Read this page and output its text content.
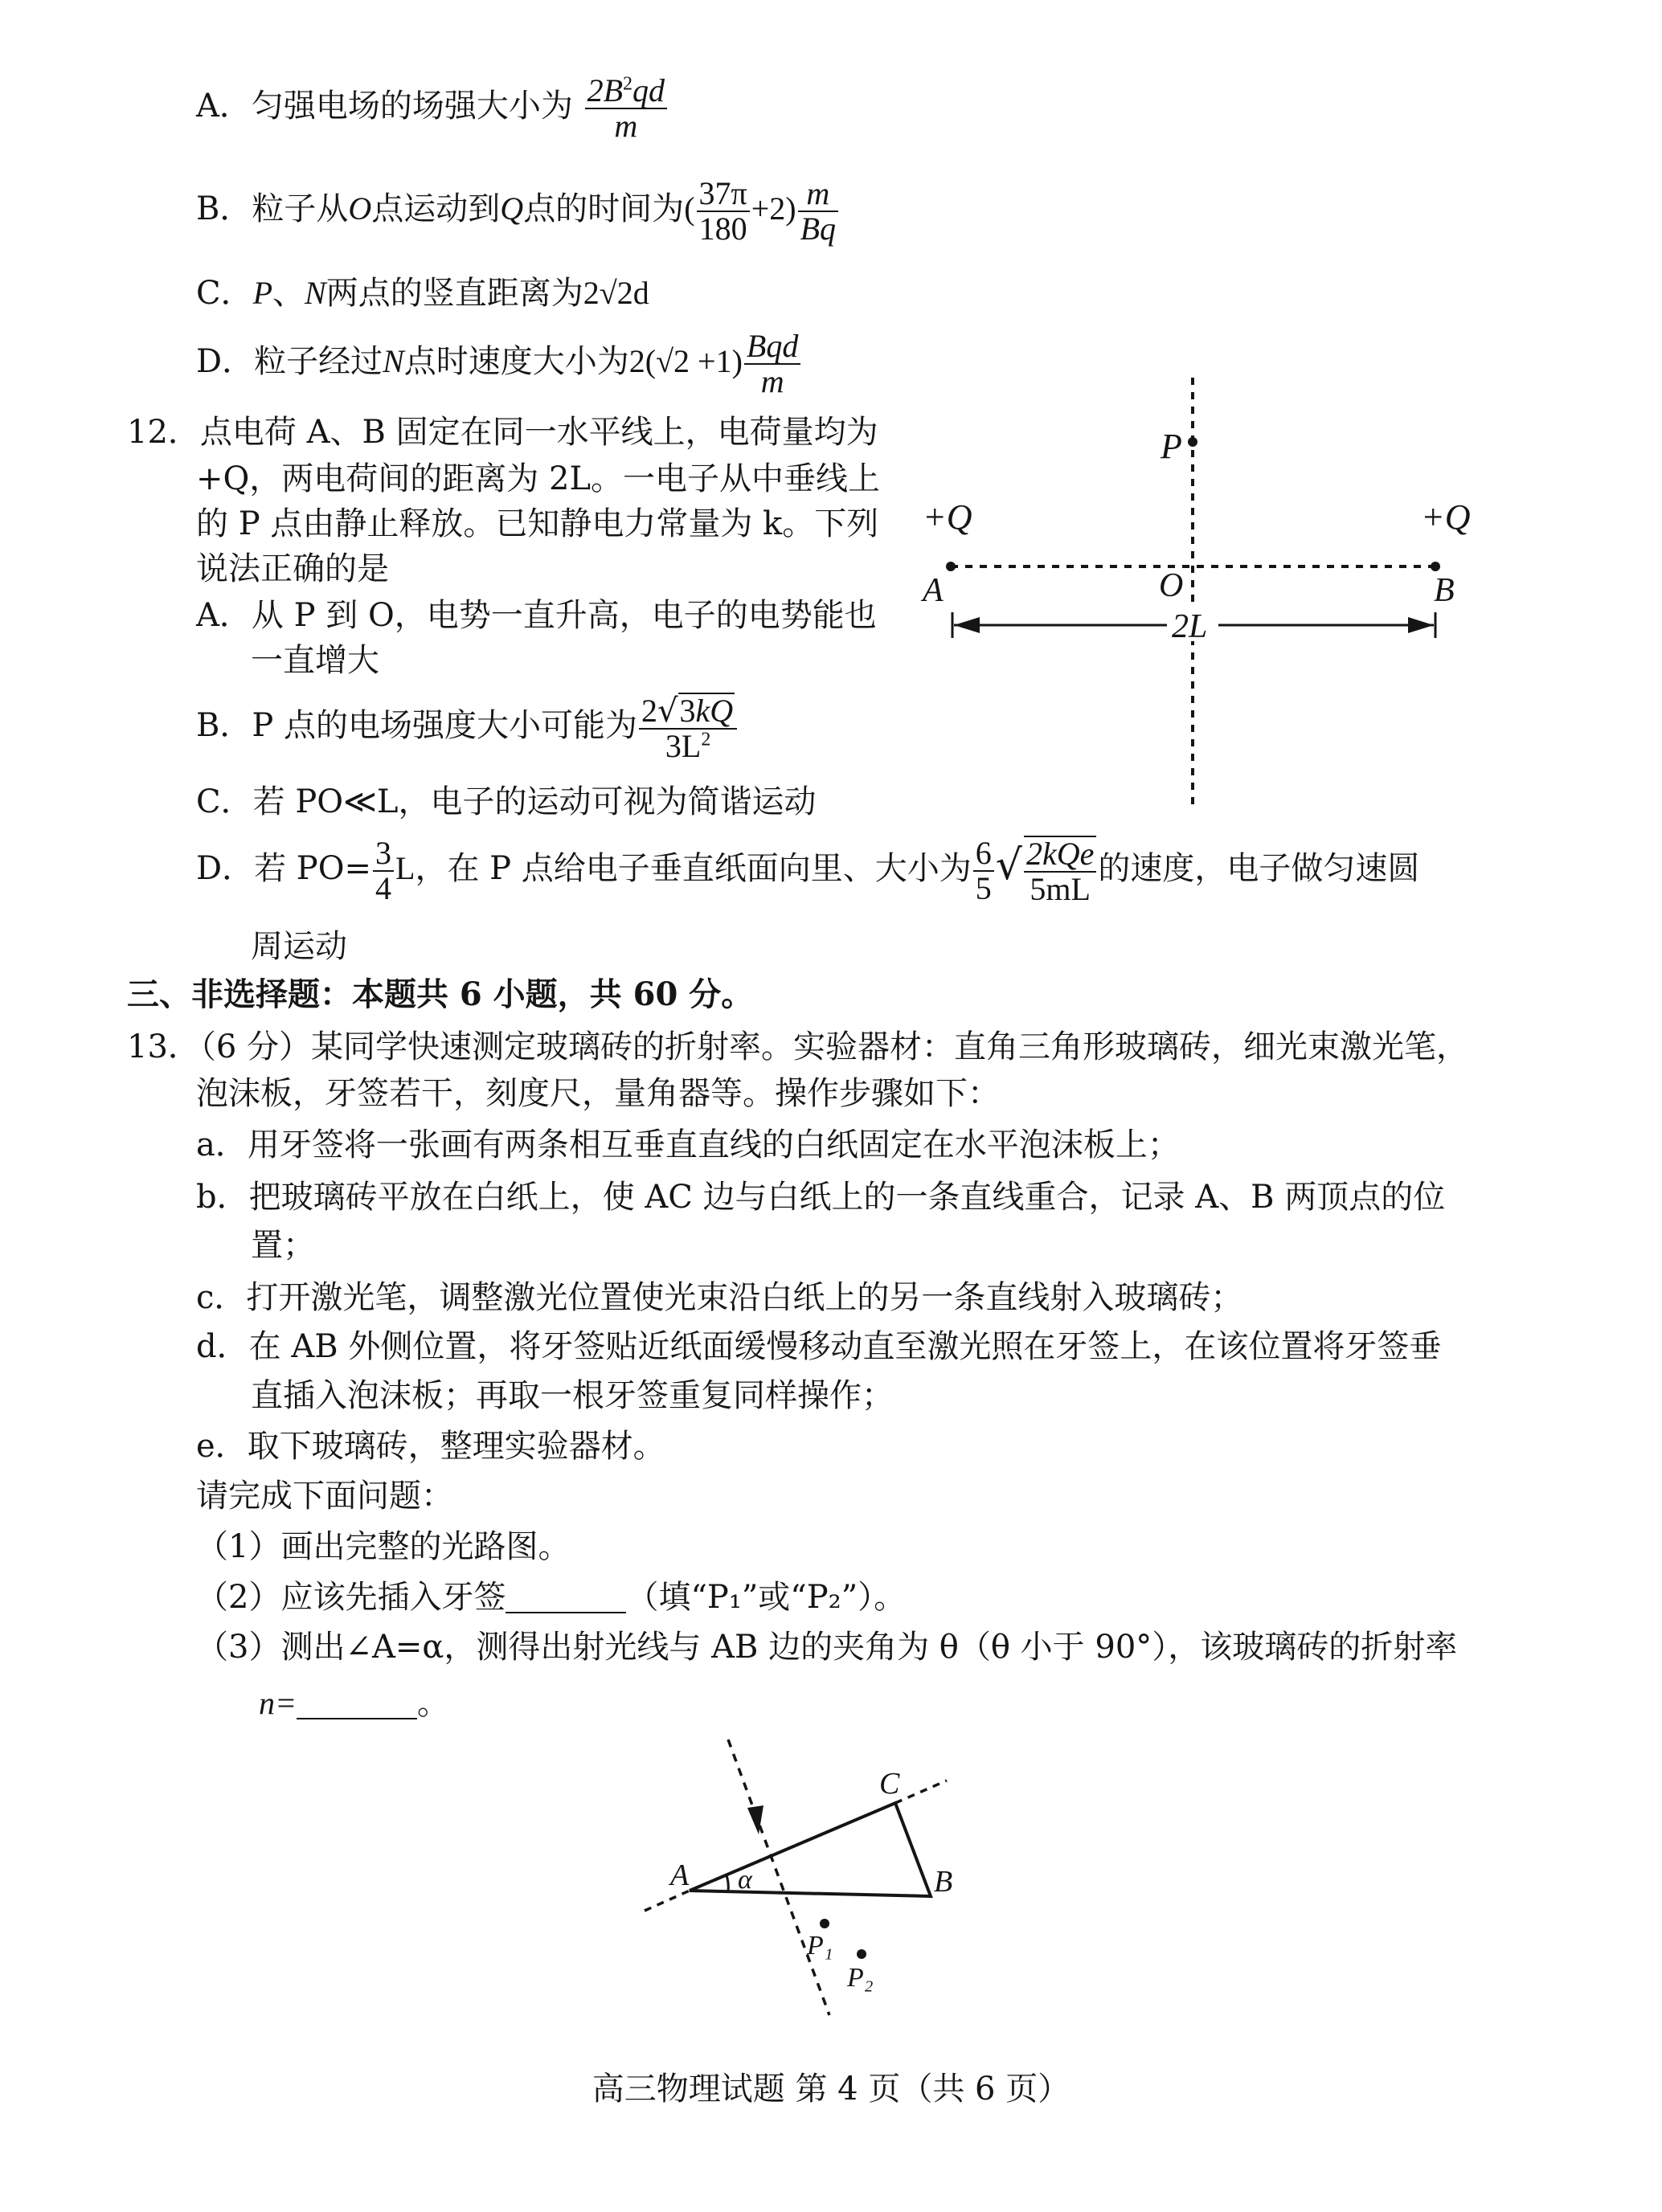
A．匀强电场的场强大小为 $\frac{2B^2qd}{m}$
B．粒子从O点运动到Q点的时间为( $\frac{37\pi}{180} +2) \frac{m}{Bq}$
C．P、N两点的竖直距离为2√2d
D．粒子经过N点时速度大小为$2(√2 +1) \frac{\text{Bqd}}{m}$
12．点电荷 A、B 固定在同一水平线上，电荷量均为
+Q，两电荷间的距离为 2L。一电子从中垂线上
的 P 点由静止释放。已知静电力常量为 k。下列
说法正确的是
A．从 P 到 O，电势一直升高，电子的电势能也
一直增大
B．P 点的电场强度大小可能为 $\frac{2√3kQ}{3L^2}$
C．若 PO≪L，电子的运动可视为简谐运动
D．若 $PO= \frac{3}{4}$ L，在 P 点给电子垂直纸面向里、大小为 $\frac{6}{5}$ √ $\frac{\text{2kQe}}{5mL}$ 的速度，电子做匀速圆
周运动
P
+Q	+Q
A	O	B
2L
三、非选择题：本题共 6 小题，共 60 分。
13．（6 分）某同学快速测定玻璃砖的折射率。实验器材：直角三角形玻璃砖，细光束激光笔，
泡沫板，牙签若干，刻度尺，量角器等。操作步骤如下：
a．用牙签将一张画有两条相互垂直直线的白纸固定在水平泡沫板上；
b．把玻璃砖平放在白纸上，使 AC 边与白纸上的一条直线重合，记录 A、B 两顶点的位
置；
c．打开激光笔，调整激光位置使光束沿白纸上的另一条直线射入玻璃砖；
d．在 AB 外侧位置，将牙签贴近纸面缓慢移动直至激光照在牙签上，在该位置将牙签垂
直插入泡沫板；再取一根牙签重复同样操作；
e．取下玻璃砖，整理实验器材。
请完成下面问题：
（1）画出完整的光路图。
（2）应该先插入牙签	（填“P₁”或“P₂”）。
（3）测出∠A=α，测得出射光线与 AB 边的夹角为 θ（θ 小于 90°），该玻璃砖的折射率
n=	。
A α	B
C
P₁
P₂
高三物理试题 第 4 页（共 6 页）
